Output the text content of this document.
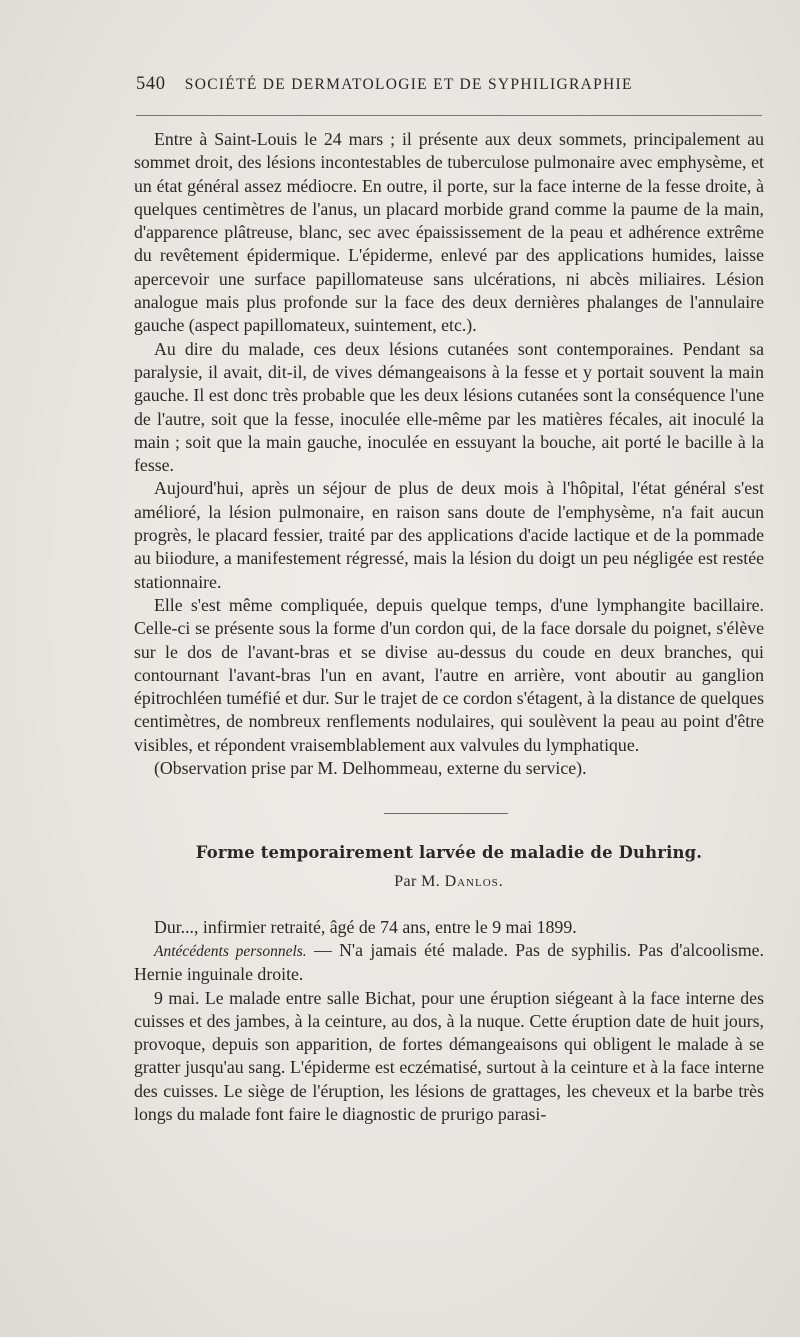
540 SOCIÉTÉ DE DERMATOLOGIE ET DE SYPHILIGRAPHIE

Entre à Saint-Louis le 24 mars ; il présente aux deux sommets, principalement au sommet droit, des lésions incontestables de tuberculose pulmonaire avec emphysème, et un état général assez médiocre. En outre, il porte, sur la face interne de la fesse droite, à quelques centimètres de l'anus, un placard morbide grand comme la paume de la main, d'apparence plâtreuse, blanc, sec avec épaississement de la peau et adhérence extrême du revêtement épidermique. L'épiderme, enlevé par des applications humides, laisse apercevoir une surface papillomateuse sans ulcérations, ni abcès miliaires. Lésion analogue mais plus profonde sur la face des deux dernières phalanges de l'annulaire gauche (aspect papillomateux, suintement, etc.).

Au dire du malade, ces deux lésions cutanées sont contemporaines. Pendant sa paralysie, il avait, dit-il, de vives démangeaisons à la fesse et y portait souvent la main gauche. Il est donc très probable que les deux lésions cutanées sont la conséquence l'une de l'autre, soit que la fesse, inoculée elle-même par les matières fécales, ait inoculé la main ; soit que la main gauche, inoculée en essuyant la bouche, ait porté le bacille à la fesse.

Aujourd'hui, après un séjour de plus de deux mois à l'hôpital, l'état général s'est amélioré, la lésion pulmonaire, en raison sans doute de l'emphysème, n'a fait aucun progrès, le placard fessier, traité par des applications d'acide lactique et de la pommade au biiodure, a manifestement régressé, mais la lésion du doigt un peu négligée est restée stationnaire.

Elle s'est même compliquée, depuis quelque temps, d'une lymphangite bacillaire. Celle-ci se présente sous la forme d'un cordon qui, de la face dorsale du poignet, s'élève sur le dos de l'avant-bras et se divise au-dessus du coude en deux branches, qui contournant l'avant-bras l'un en avant, l'autre en arrière, vont aboutir au ganglion épitrochléen tuméfié et dur. Sur le trajet de ce cordon s'étagent, à la distance de quelques centimètres, de nombreux renflements nodulaires, qui soulèvent la peau au point d'être visibles, et répondent vraisemblablement aux valvules du lymphatique.

(Observation prise par M. Delhommeau, externe du service).

Forme temporairement larvée de maladie de Duhring.
Par M. Danlos.

Dur..., infirmier retraité, âgé de 74 ans, entre le 9 mai 1899.

Antécédents personnels. — N'a jamais été malade. Pas de syphilis. Pas d'alcoolisme. Hernie inguinale droite.

9 mai. Le malade entre salle Bichat, pour une éruption siégeant à la face interne des cuisses et des jambes, à la ceinture, au dos, à la nuque. Cette éruption date de huit jours, provoque, depuis son apparition, de fortes démangeaisons qui obligent le malade à se gratter jusqu'au sang. L'épiderme est eczématisé, surtout à la ceinture et à la face interne des cuisses. Le siège de l'éruption, les lésions de grattages, les cheveux et la barbe très longs du malade font faire le diagnostic de prurigo parasi-
